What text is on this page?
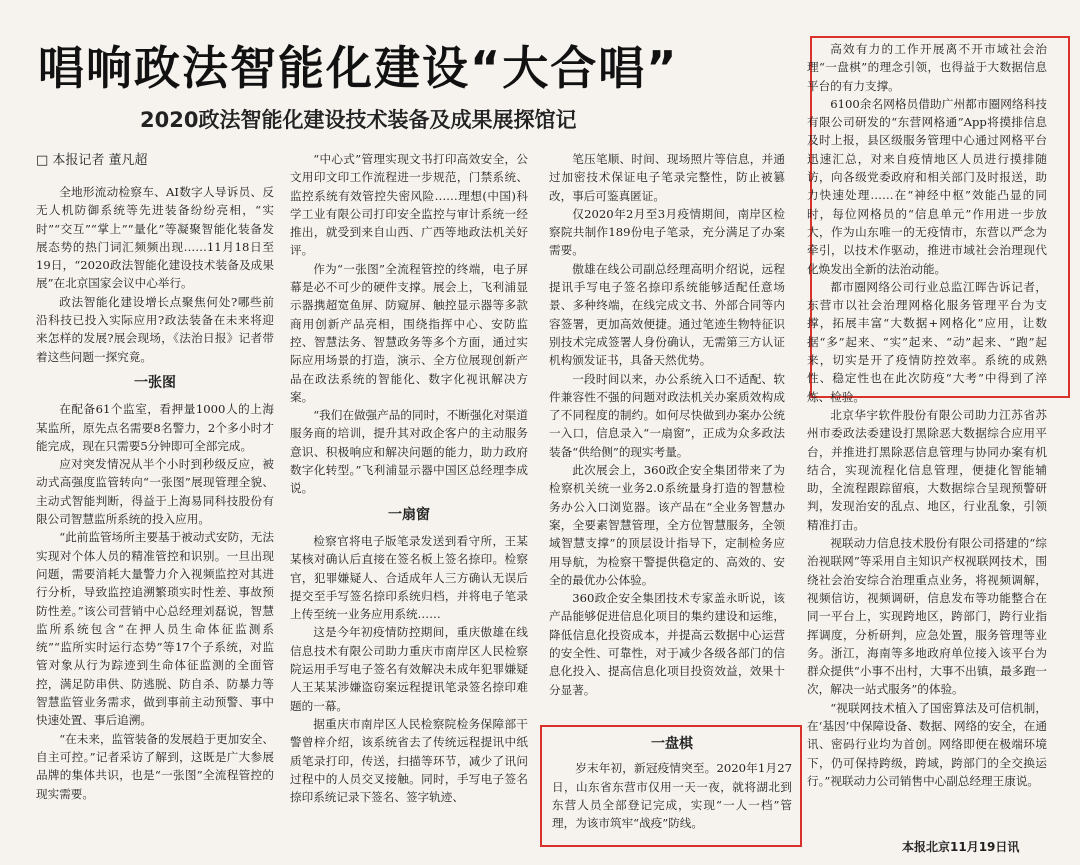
唱响政法智能化建设“大合唱”
2020政法智能化建设技术装备及成果展探馆记
□ 本报记者 董凡超

全地形流动检察车、AI数字人导诉员、反无人机防御系统等先进装备纷纷亮相，“实时”“交互”“掌上”“量化”等凝聚智能化装备发展态势的热门词汇频频出现……11月18日至19日，“2020政法智能化建设技术装备及成果展”在北京国家会议中心举行。

政法智能化建设增长点聚焦何处?哪些前沿科技已投入实际应用?政法装备在未来将迎来怎样的发展?展会现场，《法治日报》记者带着这些问题一探究竟。

一张图

在配备61个监室，看押量1000人的上海某监所，原先点名需要8名警力，2个多小时才能完成，现在只需要5分钟即可全部完成。

应对突发情况从半个小时到秒级反应，被动式高强度监管转向“一张图”展现管理全貌、主动式智能判断，得益于上海易同科技股份有限公司智慧监所系统的投入应用。

“此前监管场所主要基于被动式安防，无法实现对个体人员的精准管控和识别。一旦出现问题，需要消耗大量警力介入视频监控对其进行分析，导致监控追溯繁琐实时性差、事故预防性差。”该公司营销中心总经理刘磊说，智慧监所系统包含“在押人员生命体征监测系统”“监所实时运行态势”等17个子系统，对监管对象从行为踪迹到生命体征监测的全面管控，满足防串供、防逃脱、防自杀、防暴力等智慧监管业务需求，做到事前主动预警、事中快速处置、事后追溯。

“在未来，监管装备的发展趋于更加安全、自主可控。”记者采访了解到，这既是广大参展品牌的集体共识，也是“一张图”全流程管控的现实需要。

“中心式”管理实现文书打印高效安全，公文用印文印工作流程进一步规范，门禁系统、监控系统有效管控失密风险……理想(中国)科学工业有限公司打印安全监控与审计系统一经推出，就受到来自山西、广西等地政法机关好评。

作为“一张图”全流程管控的终端，电子屏幕是必不可少的硬件支撑。展会上，飞利浦显示器携超宽鱼屏、防窥屏、触控显示器等多款商用创新产品亮相，围绕指挥中心、安防监控、智慧法务、智慧政务等多个方面，通过实际应用场景的打造，演示、全方位展现创新产品在政法系统的智能化、数字化视讯解决方案。

“我们在做强产品的同时，不断强化对渠道服务商的培训，提升其对政企客户的主动服务意识、积极响应和解决问题的能力，助力政府数字化转型。”飞利浦显示器中国区总经理李成说。

一扇窗

检察官将电子版笔录发送到看守所，王某某核对确认后直接在签名板上签名捺印。检察官，犯罪嫌疑人、合适成年人三方确认无误后提交至手写签名捺印系统归档，并将电子笔录上传至统一业务应用系统……

这是今年初疫情防控期间，重庆傲雄在线信息技术有限公司助力重庆市南岸区人民检察院运用手写电子签名有效解决未成年犯罪嫌疑人王某某涉嫌盗窃案远程提讯笔录签名捺印难题的一幕。

据重庆市南岸区人民检察院检务保障部干警曾梓介绍，该系统省去了传统远程提讯中纸质笔录打印，传送，扫描等环节，减少了讯问过程中的人员交叉接触。同时，手写电子签名捺印系统记录下签名、签字轨迹、

笔压笔顺、时间、现场照片等信息，并通过加密技术保证电子笔录完整性，防止被篡改，事后可鉴真匿证。

仅2020年2月至3月疫情期间，南岸区检察院共制作189份电子笔录，充分满足了办案需要。

傲雄在线公司副总经理高明介绍说，远程提讯手写电子签名捺印系统能够适配任意场景、多种终端，在线完成文书、外部合同等内容签署，更加高效便捷。通过笔迹生物特征识别技术完成签署人身份确认，无需第三方认证机构颁发证书，具备天然优势。

一段时间以来，办公系统入口不适配、软件兼容性不强的问题对政法机关办案质效构成了不同程度的制约。如何尽快做到办案办公统一入口，信息录入“一扇窗”，正成为众多政法装备“供给侧”的现实考量。

此次展会上，360政企安全集团带来了为检察机关统一业务2.0系统量身打造的智慧检务办公入口浏览器。该产品在“全业务智慧办案，全要素智慧管理，全方位智慧服务，全领域智慧支撑”的顶层设计指导下，定制检务应用导航，为检察干警提供稳定的、高效的、安全的最优办公体验。

360政企安全集团技术专家盖永昕说，该产品能够促进信息化项目的集约建设和运维，降低信息化投资成本，并提高云数据中心运营的安全性、可靠性，对于减少各级各部门的信息化投入、提高信息化项目投资效益，效果十分显著。

一盘棋

岁末年初，新冠疫情突至。2020年1月27日，山东省东营市仅用一天一夜，就将湖北到东营人员全部登记完成，实现“一人一档”管理，为该市筑牢“战疫”防线。

高效有力的工作开展离不开市域社会治理“一盘棋”的理念引领，也得益于大数据信息平台的有力支撑。

6100余名网格员借助广州都市圈网络科技有限公司研发的“东营网格通”App将摸排信息及时上报，县区级服务管理中心通过网格平台迅速汇总，对来自疫情地区人员进行摸排随访，向各级党委政府和相关部门及时报送，助力快速处理……在“神经中枢”效能凸显的同时，每位网格员的“信息单元”作用进一步放大，作为山东唯一的无疫情市，东营以严念为牵引，以技术作驱动，推进市域社会治理现代化焕发出全新的法治动能。

都市圈网络公司行业总监江晖告诉记者，东营市以社会治理网格化服务管理平台为支撑，拓展丰富“大数据+网格化”应用，让数据“多”起来、“实”起来、“动”起来、“跑”起来，切实是开了疫情防控效率。系统的成熟性、稳定性也在此次防疫“大考”中得到了淬炼、检验。

北京华宇软件股份有限公司助力江苏省苏州市委政法委建设打黑除恶大数据综合应用平台，并推进打黑除恶信息管理与协同办案有机结合，实现流程化信息管理，便捷化智能辅助，全流程跟踪留痕，大数据综合呈现预警研判，发现治安的乱点、地区，行业乱象，引领精准打击。

视联动力信息技术股份有限公司搭建的“综治视联网”等采用自主知识产权视联网技术，围绕社会治安综合治理重点业务，将视频调解，视频信访，视频调研，信息发布等功能整合在同一平台上，实现跨地区，跨部门，跨行业指挥调度，分析研判，应急处置，服务管理等业务。浙江，海南等多地政府单位接入该平台为群众提供“小事不出村，大事不出镇，最多跑一次，解决一站式服务”的体验。

“视联网技术植入了国密算法及可信机制，在‘基因’中保障设备、数据、网络的安全，在通讯、密码行业均为首创。网络即便在极端环境下，仍可保持跨级，跨域，跨部门的全交换运行。”视联动力公司销售中心副总经理王康说。

本报北京11月19日讯
